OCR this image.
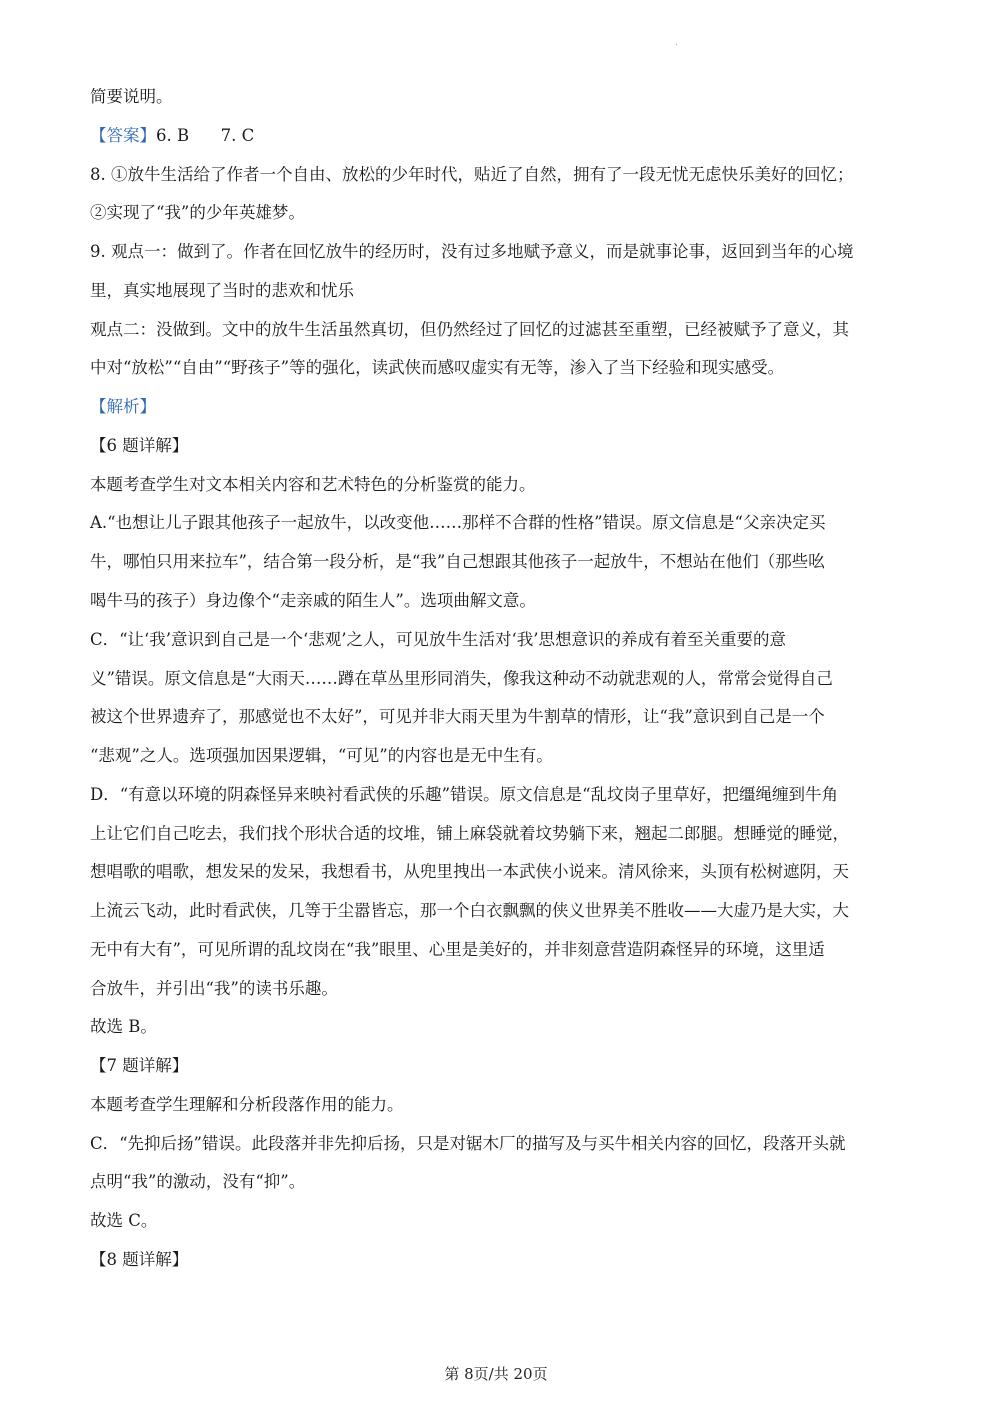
简要说明。
【答案】6. B      7. C
8. ①放牛生活给了作者一个自由、放松的少年时代，贴近了自然，拥有了一段无忧无虑快乐美好的回忆；
②实现了“我”的少年英雄梦。
9. 观点一：做到了。作者在回忆放牛的经历时，没有过多地赋予意义，而是就事论事，返回到当年的心境
里，真实地展现了当时的悲欢和忧乐
观点二：没做到。文中的放牛生活虽然真切，但仍然经过了回忆的过滤甚至重塑，已经被赋予了意义，其
中对“放松”“自由”“野孩子”等的强化，读武侠而感叹虚实有无等，渗入了当下经验和现实感受。
【解析】
【6 题详解】
本题考查学生对文本相关内容和艺术特色的分析鉴赏的能力。
A.“也想让儿子跟其他孩子一起放牛，以改变他……那样不合群的性格”错误。原文信息是“父亲决定买
牛，哪怕只用来拉车”，结合第一段分析，是“我”自己想跟其他孩子一起放牛，不想站在他们（那些吆
喝牛马的孩子）身边像个“走亲戚的陌生人”。选项曲解文意。
C．“让‘我’意识到自己是一个‘悲观’之人，可见放牛生活对‘我’思想意识的养成有着至关重要的意
义”错误。原文信息是“大雨天……蹲在草丛里形同消失，像我这种动不动就悲观的人，常常会觉得自己
被这个世界遗弃了，那感觉也不太好”，可见并非大雨天里为牛割草的情形，让“我”意识到自己是一个
“悲观”之人。选项强加因果逻辑，“可见”的内容也是无中生有。
D．“有意以环境的阴森怪异来映衬看武侠的乐趣”错误。原文信息是“乱坟岗子里草好，把缰绳缠到牛角
上让它们自己吃去，我们找个形状合适的坟堆，铺上麻袋就着坟势躺下来，翘起二郎腿。想睡觉的睡觉，
想唱歌的唱歌，想发呆的发呆，我想看书，从兜里拽出一本武侠小说来。清风徐来，头顶有松树遮阴，天
上流云飞动，此时看武侠，几等于尘嚣皆忘，那一个白衣飘飘的侠义世界美不胜收——大虚乃是大实，大
无中有大有”，可见所谓的乱坟岗在“我”眼里、心里是美好的，并非刻意营造阴森怪异的环境，这里适
合放牛，并引出“我”的读书乐趣。
故选 B。
【7 题详解】
本题考查学生理解和分析段落作用的能力。
C．“先抑后扬”错误。此段落并非先抑后扬，只是对锯木厂的描写及与买牛相关内容的回忆，段落开头就
点明“我”的激动，没有“抑”。
故选 C。
【8 题详解】
第 8页/共 20页
